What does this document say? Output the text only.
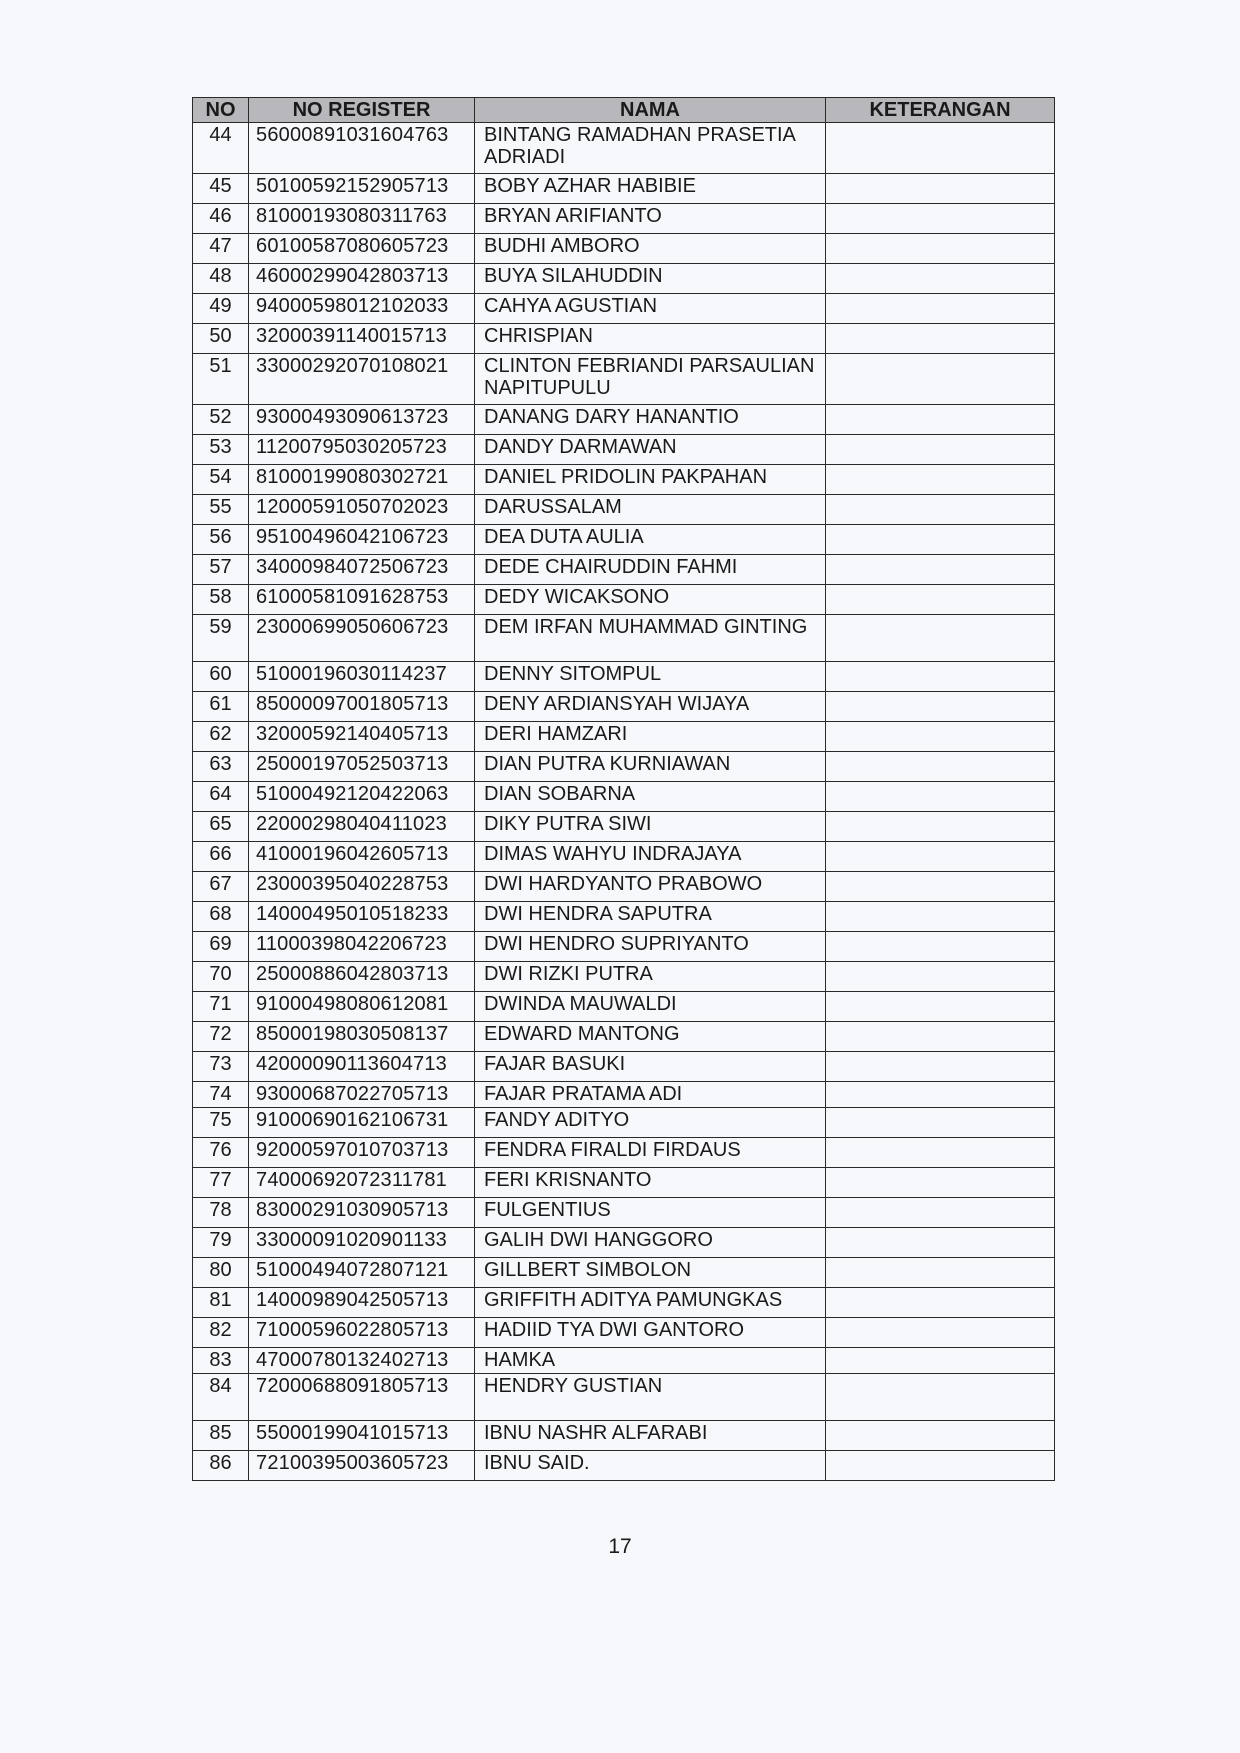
NO	NO REGISTER	NAMA	KETERANGAN
44	56000891031604763	BINTANG RAMADHAN PRASETIA ADRIADI	
45	50100592152905713	BOBY AZHAR HABIBIE	
46	81000193080311763	BRYAN ARIFIANTO	
47	60100587080605723	BUDHI AMBORO	
48	46000299042803713	BUYA SILAHUDDIN	
49	94000598012102033	CAHYA AGUSTIAN	
50	32000391140015713	CHRISPIAN	
51	33000292070108021	CLINTON FEBRIANDI PARSAULIAN NAPITUPULU	
52	93000493090613723	DANANG DARY HANANTIO	
53	11200795030205723	DANDY DARMAWAN	
54	81000199080302721	DANIEL PRIDOLIN PAKPAHAN	
55	12000591050702023	DARUSSALAM	
56	95100496042106723	DEA DUTA AULIA	
57	34000984072506723	DEDE CHAIRUDDIN FAHMI	
58	61000581091628753	DEDY WICAKSONO	
59	23000699050606723	DEM IRFAN MUHAMMAD GINTING	
60	51000196030114237	DENNY SITOMPUL	
61	85000097001805713	DENY ARDIANSYAH WIJAYA	
62	32000592140405713	DERI HAMZARI	
63	25000197052503713	DIAN PUTRA KURNIAWAN	
64	51000492120422063	DIAN SOBARNA	
65	22000298040411023	DIKY PUTRA SIWI	
66	41000196042605713	DIMAS WAHYU INDRAJAYA	
67	23000395040228753	DWI HARDYANTO PRABOWO	
68	14000495010518233	DWI HENDRA SAPUTRA	
69	11000398042206723	DWI HENDRO SUPRIYANTO	
70	25000886042803713	DWI RIZKI PUTRA	
71	91000498080612081	DWINDA MAUWALDI	
72	85000198030508137	EDWARD MANTONG	
73	42000090113604713	FAJAR BASUKI	
74	93000687022705713	FAJAR PRATAMA ADI	
75	91000690162106731	FANDY ADITYO	
76	92000597010703713	FENDRA FIRALDI FIRDAUS	
77	74000692072311781	FERI KRISNANTO	
78	83000291030905713	FULGENTIUS	
79	33000091020901133	GALIH DWI HANGGORO	
80	51000494072807121	GILLBERT SIMBOLON	
81	14000989042505713	GRIFFITH ADITYA PAMUNGKAS	
82	71000596022805713	HADIID TYA DWI GANTORO	
83	47000780132402713	HAMKA	
84	72000688091805713	HENDRY GUSTIAN	
85	55000199041015713	IBNU NASHR ALFARABI	
86	72100395003605723	IBNU SAID.	
17
